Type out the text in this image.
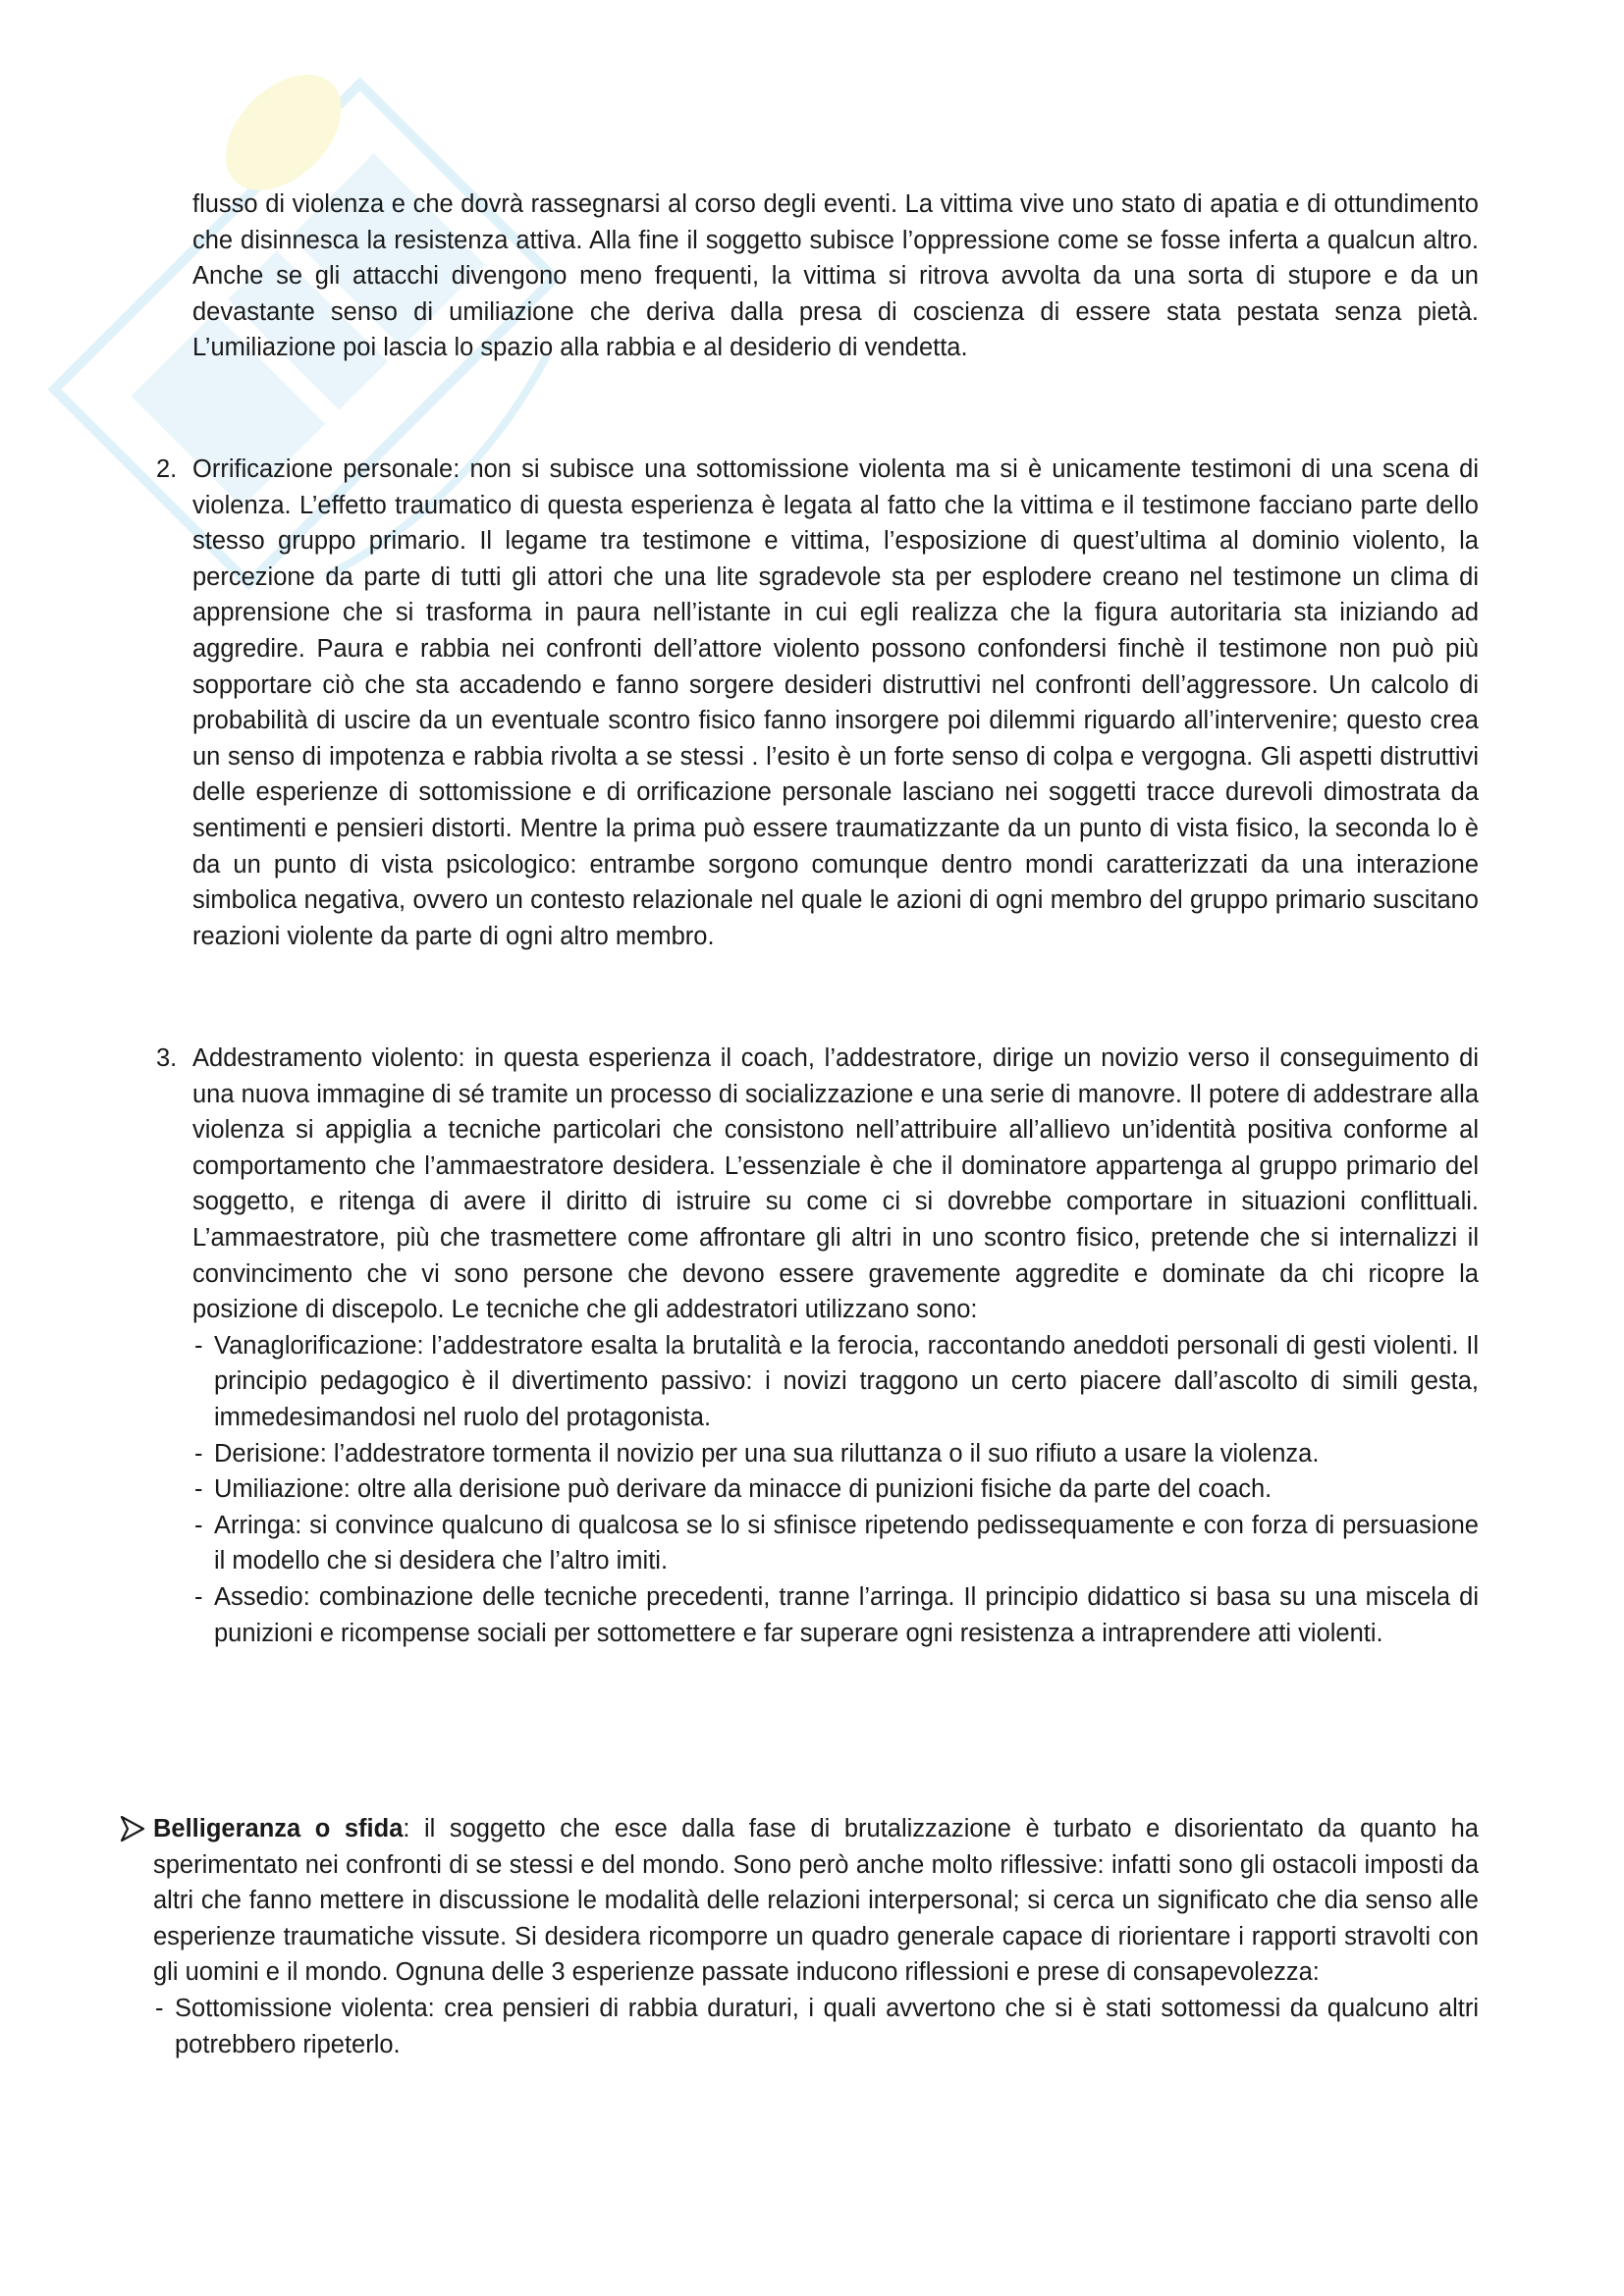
flusso di violenza e che dovrà rassegnarsi al corso degli eventi. La vittima vive uno stato di apatia e di ottundimento che disinnesca la resistenza attiva. Alla fine il soggetto subisce l’oppressione come se fosse inferta a qualcun altro. Anche se gli attacchi divengono meno frequenti, la vittima si ritrova avvolta da una sorta di stupore e da un devastante senso di umiliazione che deriva dalla presa di coscienza di essere stata pestata senza pietà. L’umiliazione poi lascia lo spazio alla rabbia e al desiderio di vendetta.

2. Orrificazione personale: non si subisce una sottomissione violenta ma si è unicamente testimoni di una scena di violenza. L’effetto traumatico di questa esperienza è legata al fatto che la vittima e il testimone facciano parte dello stesso gruppo primario. Il legame tra testimone e vittima, l’esposizione di quest’ultima al dominio violento, la percezione da parte di tutti gli attori che una lite sgradevole sta per esplodere creano nel testimone un clima di apprensione che si trasforma in paura nell’istante in cui egli realizza che la figura autoritaria sta iniziando ad aggredire. Paura e rabbia nei confronti dell’attore violento possono confondersi finchè il testimone non può più sopportare ciò che sta accadendo e fanno sorgere desideri distruttivi nel confronti dell’aggressore. Un calcolo di probabilità di uscire da un eventuale scontro fisico fanno insorgere poi dilemmi riguardo all’intervenire; questo crea un senso di impotenza e rabbia rivolta a se stessi . l’esito è un forte senso di colpa e vergogna. Gli aspetti distruttivi delle esperienze di sottomissione e di orrificazione personale lasciano nei soggetti tracce durevoli dimostrata da sentimenti e pensieri distorti. Mentre la prima può essere traumatizzante da un punto di vista fisico, la seconda lo è da un punto di vista psicologico: entrambe sorgono comunque dentro mondi caratterizzati da una interazione simbolica negativa, ovvero un contesto relazionale nel quale le azioni di ogni membro del gruppo primario suscitano reazioni violente da parte di ogni altro membro.

3. Addestramento violento: in questa esperienza il coach, l’addestratore, dirige un novizio verso il conseguimento di una nuova immagine di sé tramite un processo di socializzazione e una serie di manovre. Il potere di addestrare alla violenza si appiglia a tecniche particolari che consistono nell’attribuire all’allievo un’identità positiva conforme al comportamento che l’ammaestratore desidera. L’essenziale è che il dominatore appartenga al gruppo primario del soggetto, e ritenga di avere il diritto di istruire su come ci si dovrebbe comportare in situazioni conflittuali. L’ammaestratore, più che trasmettere come affrontare gli altri in uno scontro fisico, pretende che si internalizzi il convincimento che vi sono persone che devono essere gravemente aggredite e dominate da chi ricopre la posizione di discepolo. Le tecniche che gli addestratori utilizzano sono:

- Vanaglorificazione: l’addestratore esalta la brutalità e la ferocia, raccontando aneddoti personali di gesti violenti. Il principio pedagogico è il divertimento passivo: i novizi traggono un certo piacere dall’ascolto di simili gesta, immedesimandosi nel ruolo del protagonista.
- Derisione: l’addestratore tormenta il novizio per una sua riluttanza o il suo rifiuto a usare la violenza.
- Umiliazione: oltre alla derisione può derivare da minacce di punizioni fisiche da parte del coach.
- Arringa: si convince qualcuno di qualcosa se lo si sfinisce ripetendo pedissequamente e con forza di persuasione il modello che si desidera che l’altro imiti.
- Assedio: combinazione delle tecniche precedenti, tranne l’arringa. Il principio didattico si basa su una miscela di punizioni e ricompense sociali per sottomettere e far superare ogni resistenza a intraprendere atti violenti.

Belligeranza o sfida: il soggetto che esce dalla fase di brutalizzazione è turbato e disorientato da quanto ha sperimentato nei confronti di se stessi e del mondo. Sono però anche molto riflessive: infatti sono gli ostacoli imposti da altri che fanno mettere in discussione le modalità delle relazioni interpersonal; si cerca un significato che dia senso alle esperienze traumatiche vissute. Si desidera ricomporre un quadro generale capace di riorientare i rapporti stravolti con gli uomini e il mondo. Ognuna delle 3 esperienze passate inducono riflessioni e prese di consapevolezza:

- Sottomissione violenta: crea pensieri di rabbia duraturi, i quali avvertono che si è stati sottomessi da qualcuno altri potrebbero ripeterlo.
